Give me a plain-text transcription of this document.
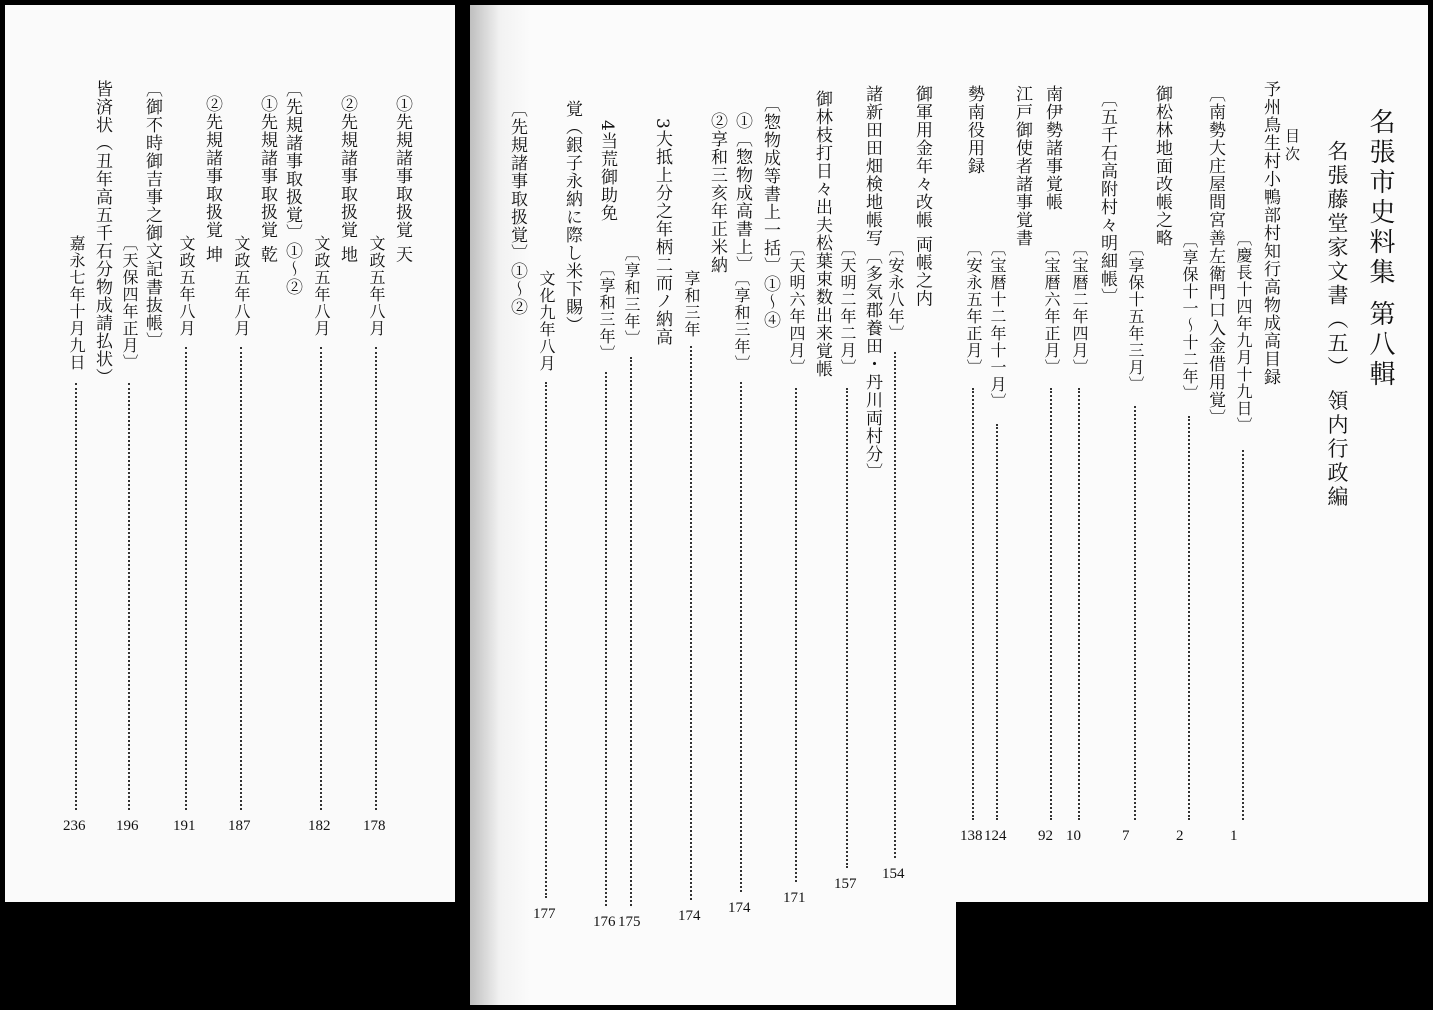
名張市史料集 第八輯
名張藤堂家文書（五） 領内行政編
目次
予州鳥生村小鴨部村知行高物成高目録
〔慶長十四年九月十九日〕
1
〔南勢大庄屋間宮善左衛門口入金借用覚〕
〔享保十一～十二年〕
2
御松林地面改帳之略
〔享保十五年三月〕
7
〔五千石高附村々明細帳〕
〔宝暦二年四月〕
10
南伊勢諸事覚帳
〔宝暦六年正月〕
92
江戸御使者諸事覚書
〔宝暦十二年十一月〕
124
勢南役用録
〔安永五年正月〕
138
御軍用金年々改帳 両帳之内
〔安永八年〕
154
諸新田田畑検地帳写〔多気郡養田・丹川両村分〕
〔天明二年二月〕
157
御林枝打日々出夫松葉束数出来覚帳
〔天明六年四月〕
171
〔惣物成等書上一括〕①～④
①〔惣物成高書上〕
〔享和三年〕
174
②享和三亥年正米納
享和三年
174
3大抵上分之年柄二而ノ納高
〔享和三年〕
175
4当荒御助免
〔享和三年〕
176
覚（銀子永納に際し米下賜）
文化九年八月
177
〔先規諸事取扱覚〕①～②
①先規諸事取扱覚 天
文政五年八月
178
②先規諸事取扱覚 地
文政五年八月
182
〔先規諸事取扱覚〕①～②
①先規諸事取扱覚 乾
文政五年八月
187
②先規諸事取扱覚 坤
文政五年八月
191
〔御不時御吉事之御文記書抜帳〕
〔天保四年正月〕
196
皆済状（丑年高五千石分物成請払状）
嘉永七年十月九日
236
